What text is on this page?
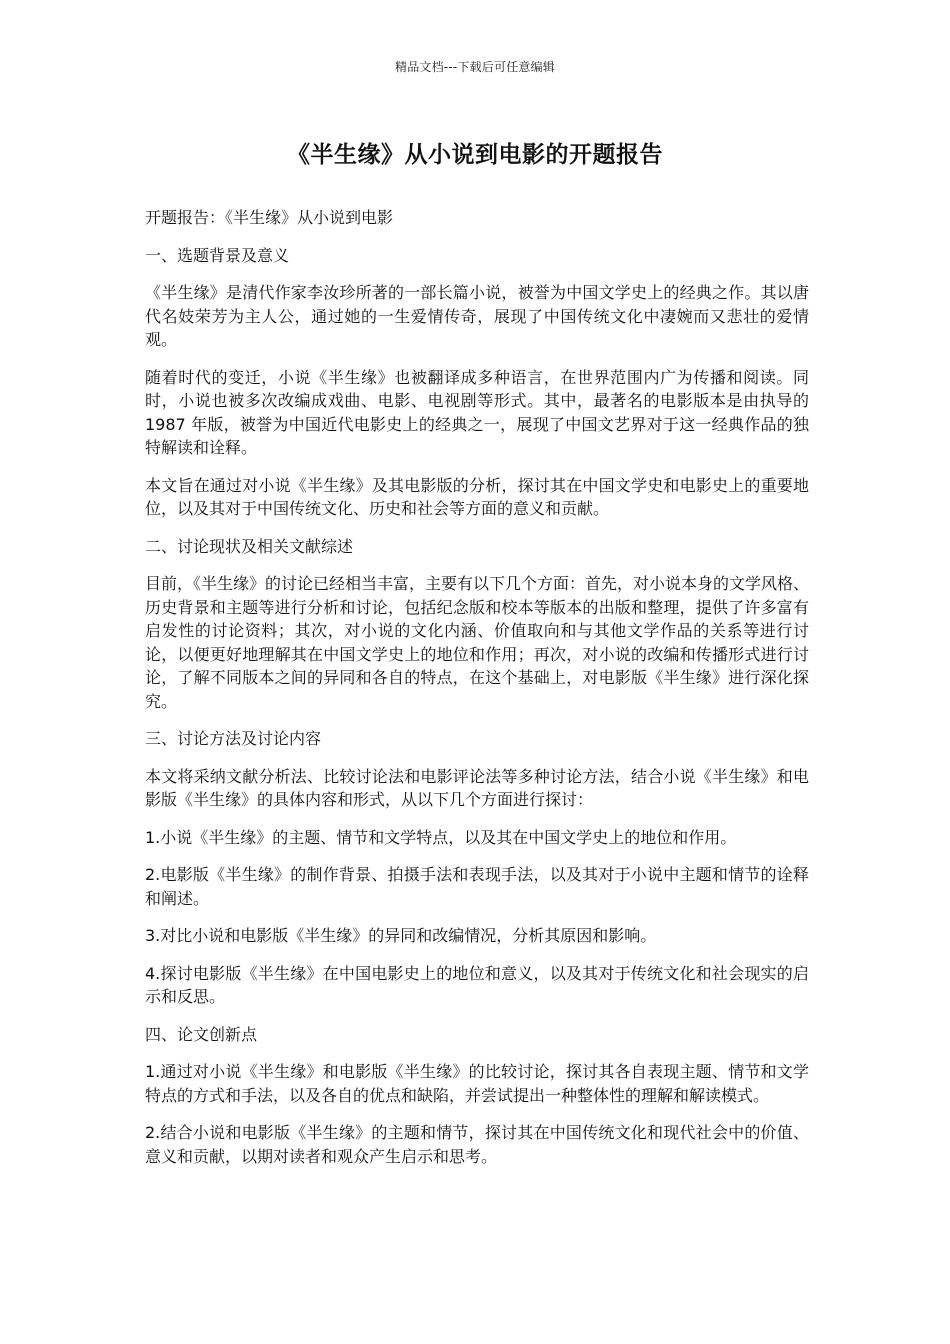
精品文档---下载后可任意编辑
《半生缘》从小说到电影的开题报告

开题报告：《半生缘》从小说到电影

一、选题背景及意义

《半生缘》是清代作家李汝珍所著的一部长篇小说，被誉为中国文学史上的经典之作。其以唐代名妓荣芳为主人公，通过她的一生爱情传奇，展现了中国传统文化中凄婉而又悲壮的爱情观。

随着时代的变迁，小说《半生缘》也被翻译成多种语言，在世界范围内广为传播和阅读。同时，小说也被多次改编成戏曲、电影、电视剧等形式。其中，最著名的电影版本是由执导的 1987 年版，被誉为中国近代电影史上的经典之一，展现了中国文艺界对于这一经典作品的独特解读和诠释。

本文旨在通过对小说《半生缘》及其电影版的分析，探讨其在中国文学史和电影史上的重要地位，以及其对于中国传统文化、历史和社会等方面的意义和贡献。

二、讨论现状及相关文献综述

目前，《半生缘》的讨论已经相当丰富，主要有以下几个方面：首先，对小说本身的文学风格、历史背景和主题等进行分析和讨论，包括纪念版和校本等版本的出版和整理，提供了许多富有启发性的讨论资料；其次，对小说的文化内涵、价值取向和与其他文学作品的关系等进行讨论，以便更好地理解其在中国文学史上的地位和作用；再次，对小说的改编和传播形式进行讨论，了解不同版本之间的异同和各自的特点，在这个基础上，对电影版《半生缘》进行深化探究。

三、讨论方法及讨论内容

本文将采纳文献分析法、比较讨论法和电影评论法等多种讨论方法，结合小说《半生缘》和电影版《半生缘》的具体内容和形式，从以下几个方面进行探讨：

1.小说《半生缘》的主题、情节和文学特点，以及其在中国文学史上的地位和作用。

2.电影版《半生缘》的制作背景、拍摄手法和表现手法，以及其对于小说中主题和情节的诠释和阐述。

3.对比小说和电影版《半生缘》的异同和改编情况，分析其原因和影响。

4.探讨电影版《半生缘》在中国电影史上的地位和意义，以及其对于传统文化和社会现实的启示和反思。

四、论文创新点

1.通过对小说《半生缘》和电影版《半生缘》的比较讨论，探讨其各自表现主题、情节和文学特点的方式和手法，以及各自的优点和缺陷，并尝试提出一种整体性的理解和解读模式。

2.结合小说和电影版《半生缘》的主题和情节，探讨其在中国传统文化和现代社会中的价值、意义和贡献，以期对读者和观众产生启示和思考。
